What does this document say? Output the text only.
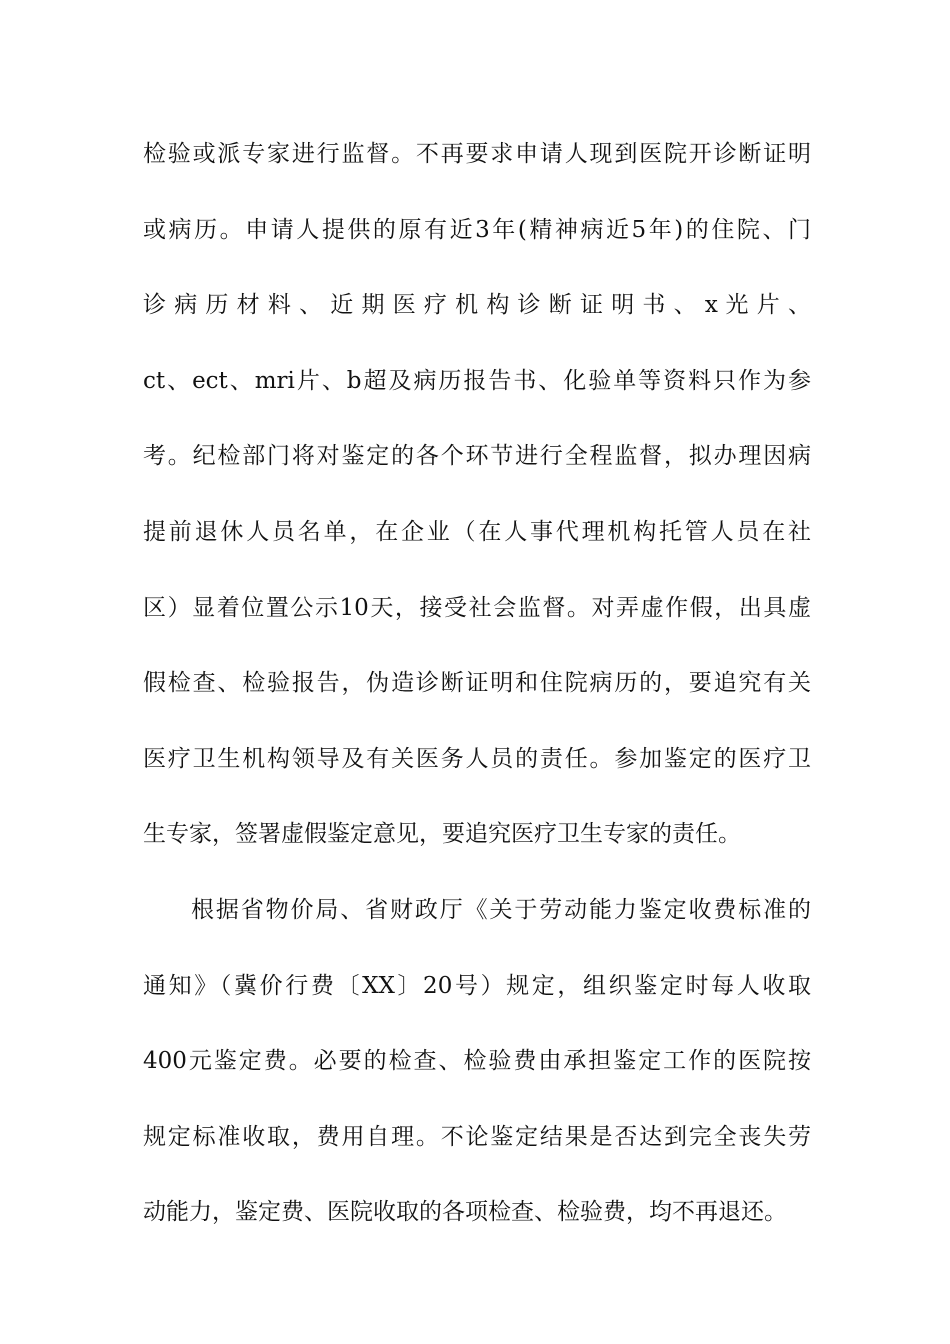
检验或派专家进行监督。不再要求申请人现到医院开诊断证明
或病历。申请人提供的原有近3年(精神病近5年)的住院、门
诊 病 历 材 料 、 近 期 医 疗 机 构 诊 断 证 明 书 、 x 光 片 、
ct、ect、mri片、b超及病历报告书、化验单等资料只作为参
考。纪检部门将对鉴定的各个环节进行全程监督，拟办理因病
提前退休人员名单，在企业（在人事代理机构托管人员在社
区）显着位置公示10天，接受社会监督。对弄虚作假，出具虚
假检查、检验报告，伪造诊断证明和住院病历的，要追究有关
医疗卫生机构领导及有关医务人员的责任。参加鉴定的医疗卫
生专家，签署虚假鉴定意见，要追究医疗卫生专家的责任。
根据省物价局、省财政厅《关于劳动能力鉴定收费标准的
通知》（冀价行费〔XX〕20号）规定，组织鉴定时每人收取
400元鉴定费。必要的检查、检验费由承担鉴定工作的医院按
规定标准收取，费用自理。不论鉴定结果是否达到完全丧失劳
动能力，鉴定费、医院收取的各项检查、检验费，均不再退还。
